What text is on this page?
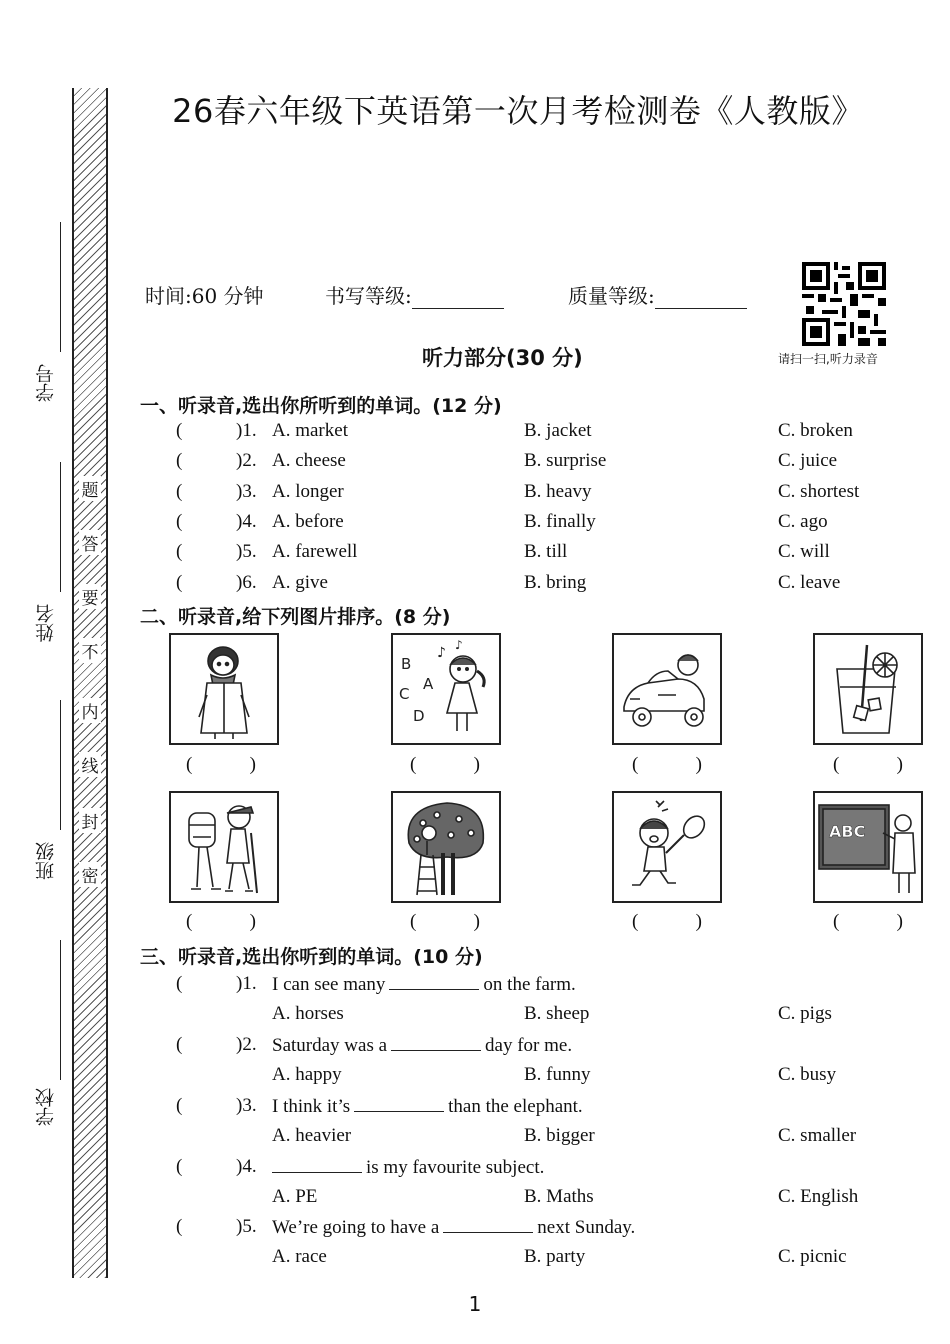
题
答
要
不
内
线
封
密
学号
姓名
班级
学校
26春六年级下英语第一次月考检测卷《人教版》
时间:60 分钟	书写等级:	质量等级:
请扫一扫,听力录音
听力部分(30 分)
一、听录音,选出你所听到的单词。(12 分)
(	)1. A. market	B. jacket	C. broken
(	)2. A. cheese	B. surprise	C. juice
(	)3. A. longer	B. heavy	C. shortest
(	)4. A. before	B. finally	C. ago
(	)5. A. farewell	B. till	C. will
(	)6. A. give	B. bring	C. leave
二、听录音,给下列图片排序。(8 分)
B
A
C
D
♪ ♪
(	)	(	)	(	)	(	)
ABC
(	)	(	)	(	)	(	)
三、听录音,选出你听到的单词。(10 分)
(	)1. I can see many	on the farm.
A. horses	B. sheep	C. pigs
(	)2. Saturday was a	day for me.
A. happy	B. funny	C. busy
(	)3. I think it’s	than the elephant.
A. heavier	B. bigger	C. smaller
(	)4.	is my favourite subject.
A. PE	B. Maths	C. English
(	)5. We’re going to have a	next Sunday.
A. race	B. party	C. picnic
1
